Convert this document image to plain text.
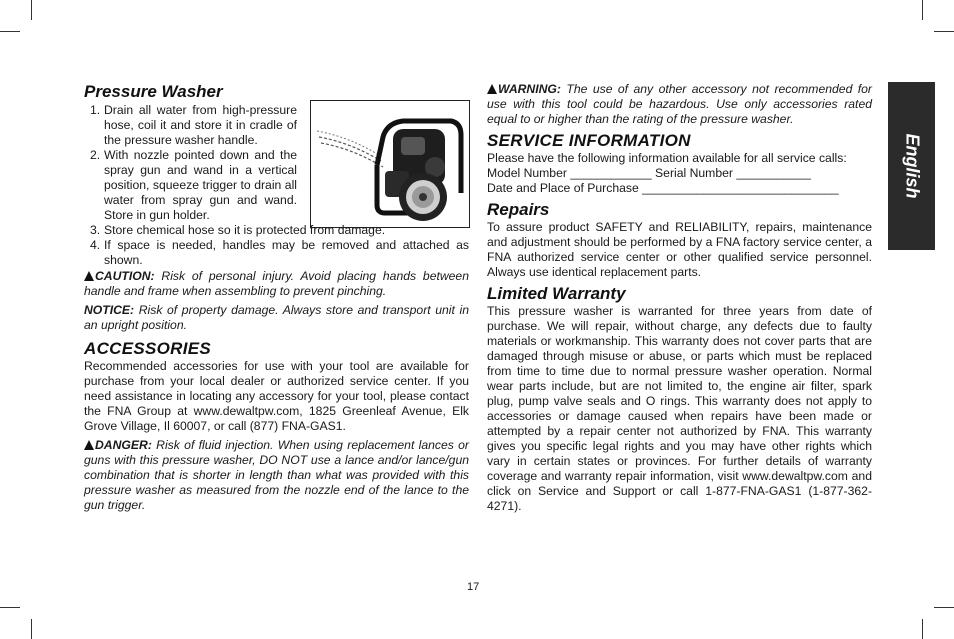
Pressure Washer
1. Drain all water from high-pressure hose, coil it and store it in cradle of the pressure washer handle.
2. With nozzle pointed down and the spray gun and wand in a vertical position, squeeze trigger to drain all water from spray gun and wand. Store in gun holder.
3. Store chemical hose so it is protected from damage.
4. If space is needed, handles may be removed and attached as shown.

CAUTION: Risk of personal injury. Avoid placing hands between handle and frame when assembling to prevent pinching.

NOTICE: Risk of property damage. Always store and transport unit in an upright position.

ACCESSORIES

Recommended accessories for use with your tool are available for purchase from your local dealer or authorized service center. If you need assistance in locating any accessory for your tool, please contact the FNA Group at www.dewaltpw.com, 1825 Greenleaf Avenue, Elk Grove Village, Il 60007, or call (877) FNA-GAS1.

DANGER: Risk of fluid injection. When using replacement lances or guns with this pressure washer, DO NOT use a lance and/or lance/gun combination that is shorter in length than what was provided with this pressure washer as measured from the nozzle end of the lance to the gun trigger.

WARNING: The use of any other accessory not recommended for use with this tool could be hazardous. Use only accessories rated equal to or higher than the rating of the pressure washer.

SERVICE INFORMATION

Please have the following information available for all service calls:

Model Number ____________ Serial Number ___________

Date and Place of Purchase _____________________________

Repairs

To assure product SAFETY and RELIABILITY, repairs, maintenance and adjustment should be performed by a FNA factory service center, a FNA authorized service center or other qualified service personnel. Always use identical replacement parts.

Limited Warranty

This pressure washer is warranted for three years from date of purchase. We will repair, without charge, any defects due to faulty materials or workmanship. This warranty does not cover parts that are damaged through misuse or abuse, or parts which must be replaced from time to time due to normal pressure washer operation. Normal wear parts include, but are not limited to, the engine air filter, spark plug, pump valve seals and O rings. This warranty does not apply to accessories or damage caused when repairs have been made or attempted by a repair center not authorized by FNA. This warranty gives you specific legal rights and you may have other rights which vary in certain states or provinces. For further details of warranty coverage and warranty repair information, visit www.dewaltpw.com and click on Service and Support or call 1-877-FNA-GAS1 (1-877-362-4271).

English
17
